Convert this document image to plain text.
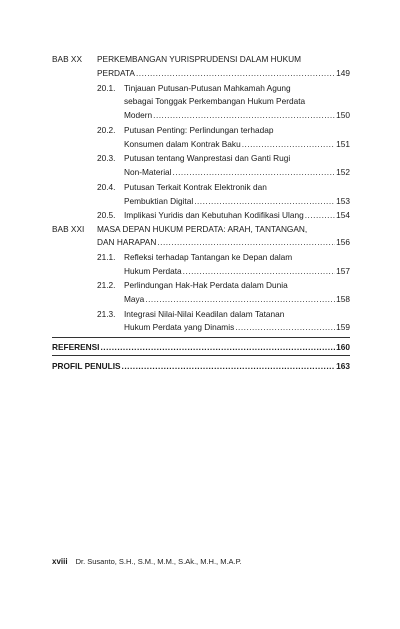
BAB XX PERKEMBANGAN YURISPRUDENSI DALAM HUKUM
PERDATA .....	149
20.1. Tinjauan Putusan-Putusan Mahkamah Agung
sebagai Tonggak Perkembangan Hukum Perdata
Modern .....	150
20.2. Putusan Penting: Perlindungan terhadap
Konsumen dalam Kontrak Baku .....	151
20.3. Putusan tentang Wanprestasi dan Ganti Rugi
Non-Material .....	152
20.4. Putusan Terkait Kontrak Elektronik dan
Pembuktian Digital .....	153
20.5. Implikasi Yuridis dan Kebutuhan Kodifikasi Ulang .....	154
BAB XXI MASA DEPAN HUKUM PERDATA: ARAH, TANTANGAN,
DAN HARAPAN .....	156
21.1. Refleksi terhadap Tantangan ke Depan dalam
Hukum Perdata .....	157
21.2. Perlindungan Hak-Hak Perdata dalam Dunia
Maya .....	158
21.3. Integrasi Nilai-Nilai Keadilan dalam Tatanan
Hukum Perdata yang Dinamis .....	159
REFERENSI .....	160
PROFIL PENULIS .....	163
xviii Dr. Susanto, S.H., S.M., M.M., S.Ak., M.H., M.A.P.
